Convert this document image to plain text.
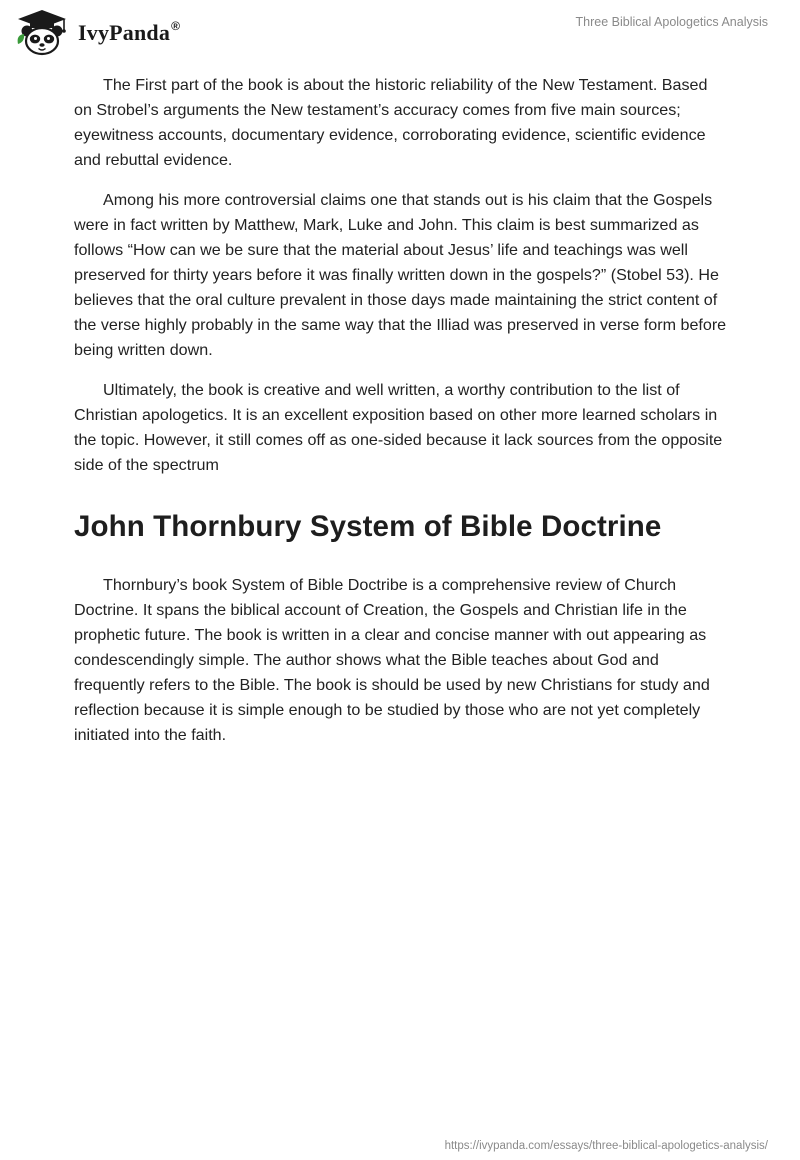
IvyPanda®	Three Biblical Apologetics Analysis

The First part of the book is about the historic reliability of the New Testament. Based on Strobel’s arguments the New testament’s accuracy comes from five main sources; eyewitness accounts, documentary evidence, corroborating evidence, scientific evidence and rebuttal evidence.

Among his more controversial claims one that stands out is his claim that the Gospels were in fact written by Matthew, Mark, Luke and John. This claim is best summarized as follows “How can we be sure that the material about Jesus’ life and teachings was well preserved for thirty years before it was finally written down in the gospels?” (Stobel 53). He believes that the oral culture prevalent in those days made maintaining the strict content of the verse highly probably in the same way that the Illiad was preserved in verse form before being written down.

Ultimately, the book is creative and well written, a worthy contribution to the list of Christian apologetics. It is an excellent exposition based on other more learned scholars in the topic. However, it still comes off as one-sided because it lack sources from the opposite side of the spectrum

John Thornbury System of Bible Doctrine

Thornbury’s book System of Bible Doctribe is a comprehensive review of Church Doctrine. It spans the biblical account of Creation, the Gospels and Christian life in the prophetic future. The book is written in a clear and concise manner with out appearing as condescendingly simple. The author shows what the Bible teaches about God and frequently refers to the Bible. The book is should be used by new Christians for study and reflection because it is simple enough to be studied by those who are not yet completely initiated into the faith.

https://ivypanda.com/essays/three-biblical-apologetics-analysis/
